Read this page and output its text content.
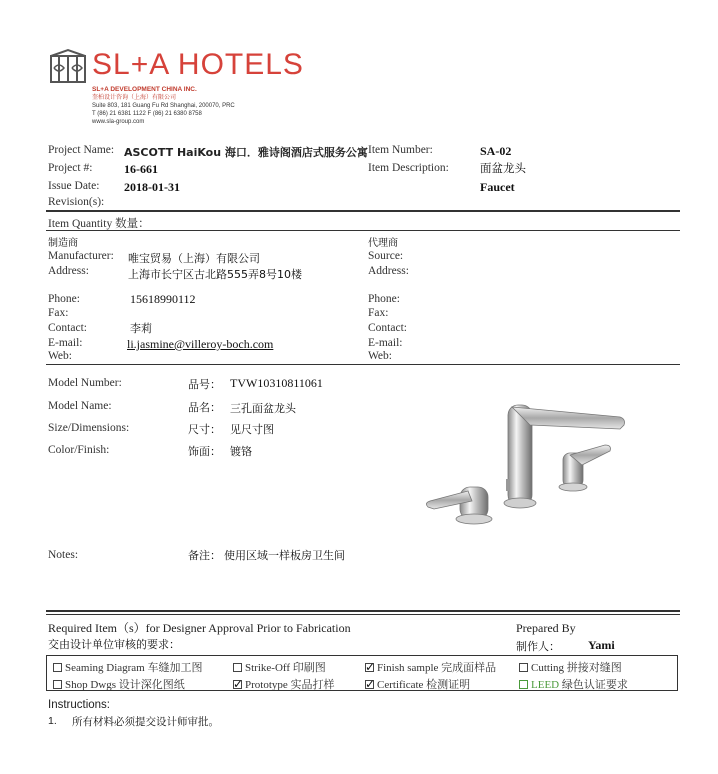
SL+A HOTELS
SL+A DEVELOPMENT CHINA INC.
奎柏设计咨询（上海）有限公司
Suite 803, 181 Guang Fu Rd Shanghai, 200070, PRC
T (86) 21 6381 1122 F (86) 21 6380 8758
www.sla-group.com
Project Name: ASCOTT HaiKou 海口．雅诗阁酒店式服务公寓
Project #:	16-661
Issue Date: 2018-01-31
Revision(s):
Item Number:	SA-02
Item Description:	面盆龙头
Faucet
Item Quantity 数量：
制造商
Manufacturer: 唯宝贸易（上海）有限公司
Address:	上海市长宁区古北路555弄8号10楼
Phone:	15618990112
Fax:
Contact:	李莉
E-mail:	li.jasmine@villeroy-boch.com
Web:
代理商
Source:
Address:
Phone:
Fax:
Contact:
E-mail:
Web:
Model Number:	品号： TVW10310811061
Model Name:	品名： 三孔面盆龙头
Size/Dimensions:	尺寸： 见尺寸图
Color/Finish:	饰面： 镀铬
Notes:	备注： 使用区域一样板房卫生间
Required Item（s）for Designer Approval Prior to Fabrication
交由设计单位审核的要求：
Prepared By
制作人： Yami
Seaming Diagram 车缝加工图	Strike-Off 印刷图 ✓	Finish sample 完成面样品	Cutting 拼接对缝图
Shop Dwgs 设计深化图纸 ✓	Prototype 实品打样 ✓	Certificate 检测证明	LEED 绿色认证要求
Instructions:
1. 所有材料必须提交设计师审批。
